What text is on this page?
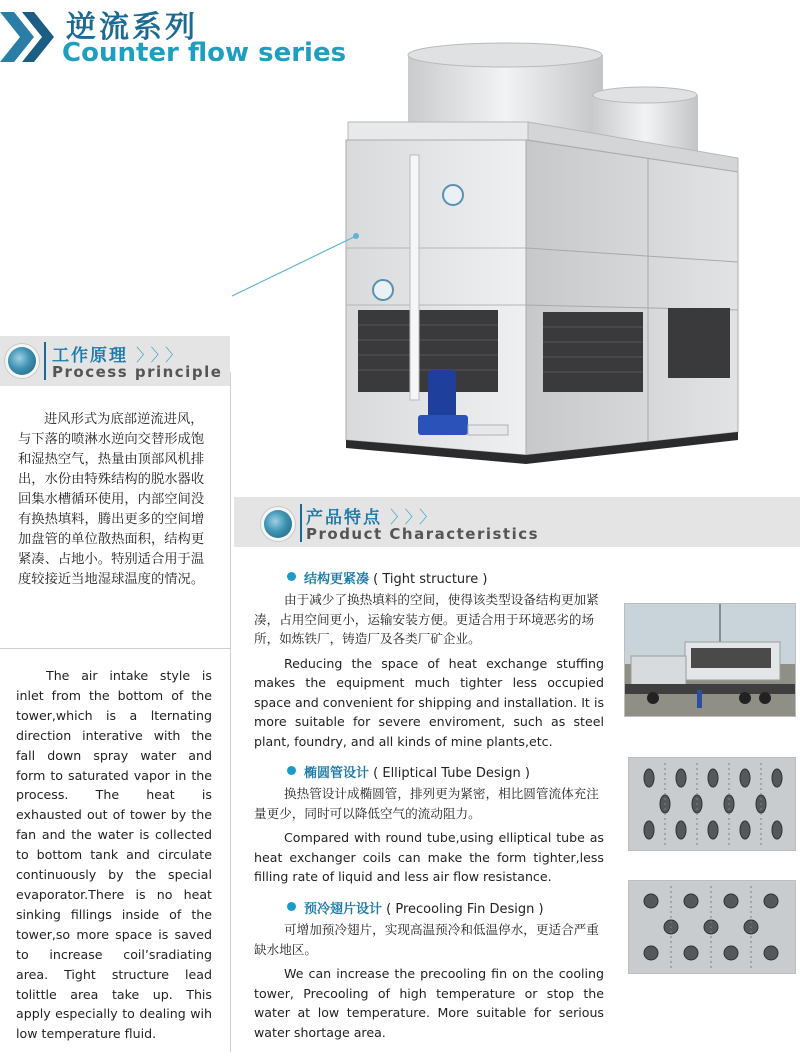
逆流系列
Counter flow series
工作原理 〉〉〉
Process principle

进风形式为底部逆流进风，与下落的喷淋水逆向交替形成饱和湿热空气，热量由顶部风机排出，水份由特殊结构的脱水器收回集水槽循环使用，内部空间没有换热填料，腾出更多的空间增加盘管的单位散热面积，结构更紧凑、占地小。特别适合用于温度较接近当地湿球温度的情况。

The air intake style is inlet from the bottom of the tower,which is a lternating direction interative with the fall down spray water and form to saturated vapor in the process. The heat is exhausted out of tower by the fan and the water is collected to bottom tank and circulate continuously by the special evaporator.There is no heat sinking fillings inside of the tower,so more space is saved to increase coil’sradiating area. Tight structure lead tolittle area take up. This apply especially to dealing wih low temperature fluid.

产品特点 〉〉〉
Product Characteristics
结构更紧凑 ( Tight structure )

由于减少了换热填料的空间，使得该类型设备结构更加紧凑，占用空间更小，运输安装方便。更适合用于环境恶劣的场所，如炼铁厂，铸造厂及各类厂矿企业。

Reducing the space of heat exchange stuffing makes the equipment much tighter less occupied space and convenient for shipping and installation. It is more suitable for severe enviroment, such as steel plant, foundry, and all kinds of mine plants,etc.

椭圆管设计 ( Elliptical Tube Design )

换热管设计成椭圆管，排列更为紧密，相比圆管流体充注量更少，同时可以降低空气的流动阻力。

Compared with round tube,using elliptical tube as heat exchanger coils can make the form tighter,less filling rate of liquid and less air flow resistance.

预冷翅片设计 ( Precooling Fin Design )

可增加预冷翅片，实现高温预冷和低温停水，更适合严重缺水地区。

We can increase the precooling fin on the cooling tower, Precooling of high temperature or stop the water at low temperature. More suitable for serious water shortage area.
